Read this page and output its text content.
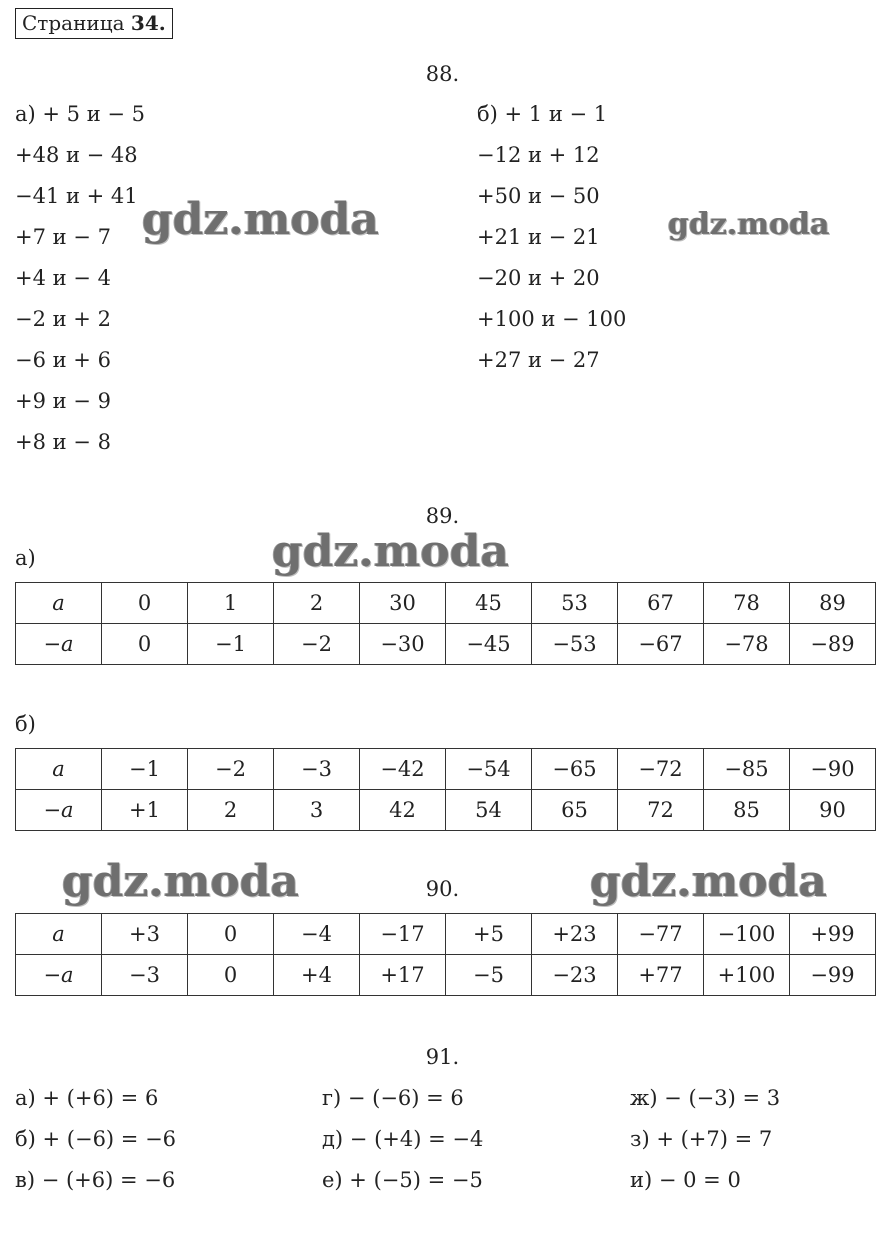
Страница 34.
88.
а) + 5 и − 5
+48 и − 48
−41 и + 41
+7 и − 7
+4 и − 4
−2 и + 2
−6 и + 6
+9 и − 9
+8 и − 8
б) + 1 и − 1
−12 и + 12
+50 и − 50
+21 и − 21
−20 и + 20
+100 и − 100
+27 и − 27
gdz.moda	gdz.moda
gdz.moda
gdz.moda	gdz.moda
89.
а)
a	0	1	2	30	45	53	67	78	89
−a	0	−1	−2	−30	−45	−53	−67	−78	−89
б)
a	−1	−2	−3	−42	−54	−65	−72	−85	−90
−a	+1	2	3	42	54	65	72	85	90
90.
a	+3	0	−4	−17	+5	+23	−77	−100	+99
−a	−3	0	+4	+17	−5	−23	+77	+100	−99
91.
а) + (+6) = 6
б) + (−6) = −6
в) − (+6) = −6
г) − (−6) = 6
д) − (+4) = −4
е) + (−5) = −5
ж) − (−3) = 3
з) + (+7) = 7
и) − 0 = 0
